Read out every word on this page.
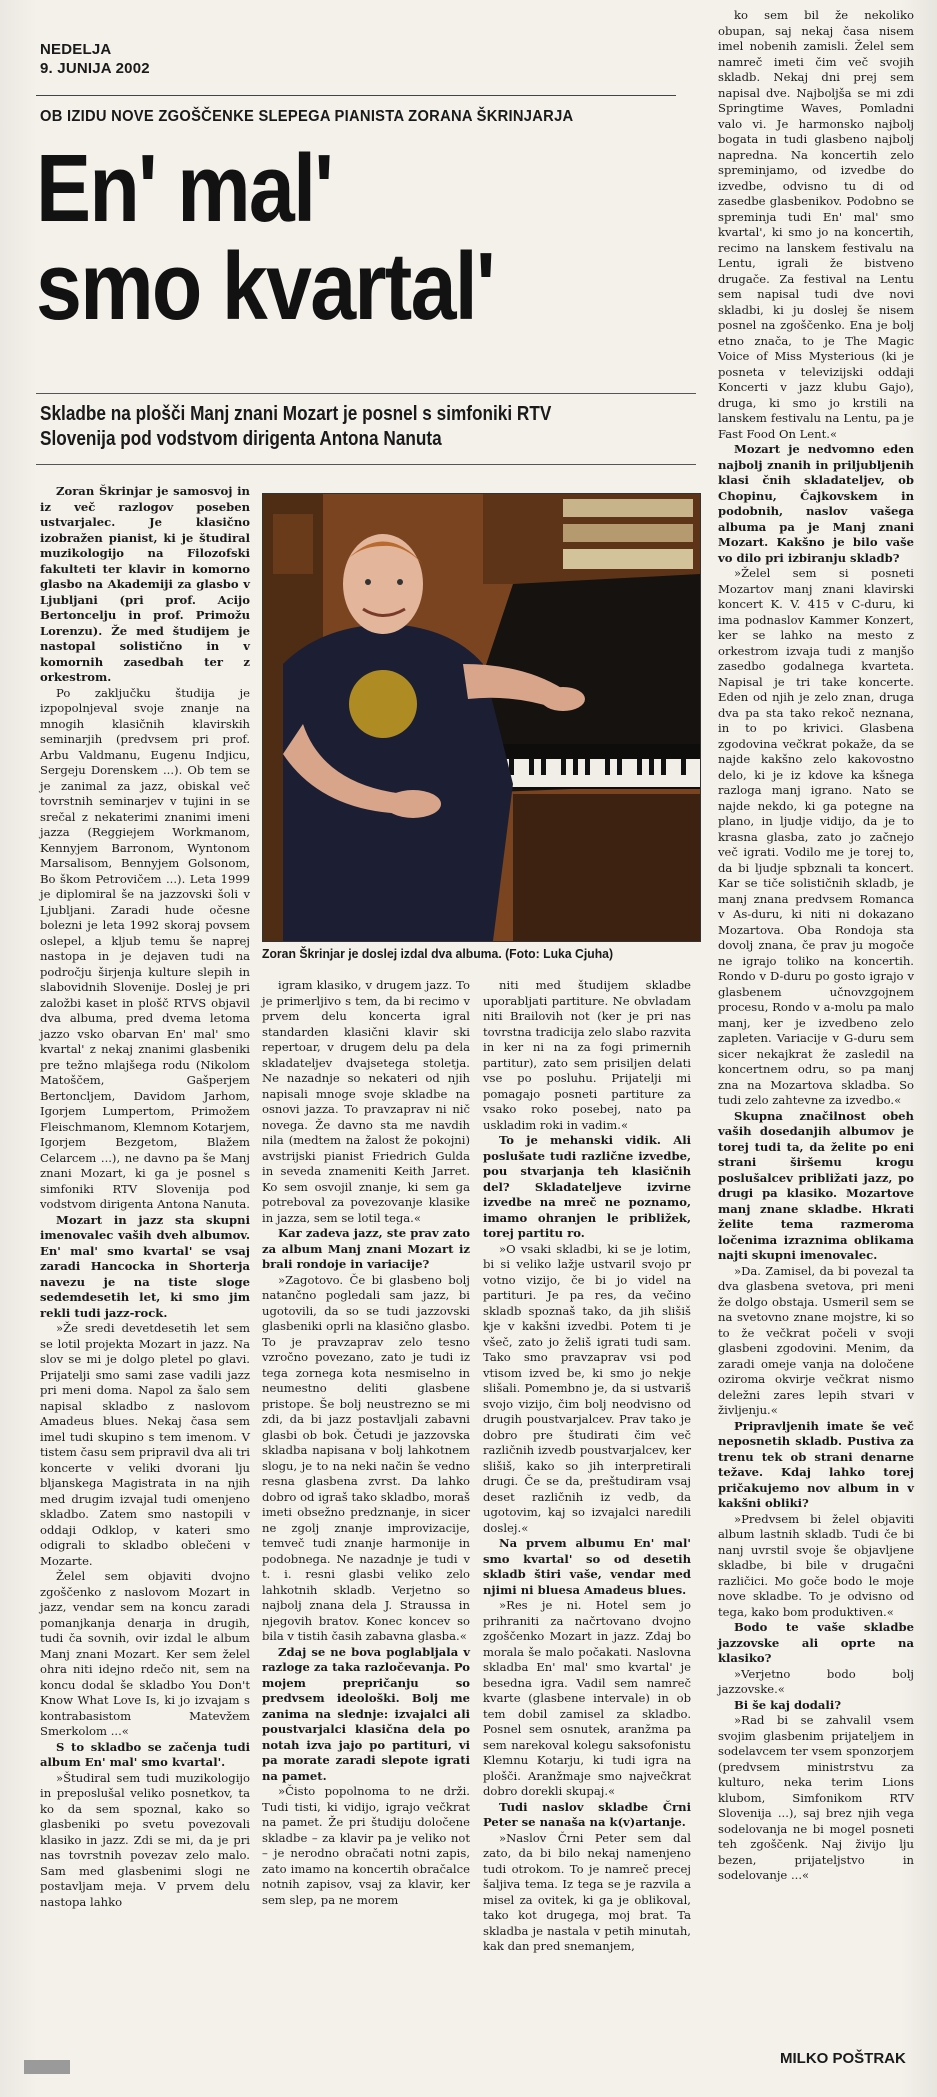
NEDELJA
9. JUNIJA 2002
OB IZIDU NOVE ZGOŠČENKE SLEPEGA PIANISTA ZORANA ŠKRINJARJA
En' mal'
smo kvartal'
Skladbe na plošči Manj znani Mozart je posnel s simfoniki RTV Slovenija pod vodstvom dirigenta Antona Nanuta

Zoran Škrinjar je samosvoj in iz več razlogov poseben ustvarjalec. Je klasično izobražen pianist, ki je študiral muzikologijo na Filozofski fakulteti ter klavir in komorno glasbo na Akademiji za glasbo v Ljubljani (pri prof. Acijo Bertoncelju in prof. Primožu Lorenzu). Že med študijem je nastopal solistično in v komornih zasedbah ter z orkestrom.

Po zaključku študija je izpopolnjeval svoje znanje na mnogih klasičnih klavirskih seminarjih (predvsem pri prof. Arbu Valdmanu, Eugenu Indjicu, Sergeju Dorenskem ...). Ob tem se je zanimal za jazz, obiskal več tovrstnih seminarjev v tujini in se srečal z nekaterimi znanimi imeni jazza (Reggiejem Workmanom, Kennyjem Barronom, Wyntonom Marsalisom, Bennyjem Golsonom, Bo škom Petrovičem ...). Leta 1999 je diplomiral še na jazzovski šoli v Ljubljani. Zaradi hude očesne bolezni je leta 1992 skoraj povsem oslepel, a kljub temu še naprej nastopa in je dejaven tudi na področju širjenja kulture slepih in slabovidnih Slovenije. Doslej je pri založbi kaset in plošč RTVS objavil dva albuma, pred dvema letoma jazzo vsko obarvan En' mal' smo kvartal' z nekaj znanimi glasbeniki pre težno mlajšega rodu (Nikolom Matoščem, Gašperjem Bertoncljem, Davidom Jarhom, Igorjem Lumpertom, Primožem Fleischmanom, Klemnom Kotarjem, Igorjem Bezgetom, Blažem Celarcem ...), ne davno pa še Manj znani Mozart, ki ga je posnel s simfoniki RTV Slovenija pod vodstvom dirigenta Antona Nanuta.

Mozart in jazz sta skupni imenovalec vaših dveh albumov. En' mal' smo kvartal' se vsaj zaradi Hancocka in Shorterja navezu je na tiste sloge sedemdesetih let, ki smo jim rekli tudi jazz-rock.

»Že sredi devetdesetih let sem se lotil projekta Mozart in jazz. Na slov se mi je dolgo pletel po glavi. Prijatelji smo sami zase vadili jazz pri meni doma. Napol za šalo sem napisal skladbo z naslovom Amadeus blues. Nekaj časa sem imel tudi skupino s tem imenom. V tistem času sem pripravil dva ali tri koncerte v veliki dvorani lju bljanskega Magistrata in na njih med drugim izvajal tudi omenjeno skladbo. Zatem smo nastopili v oddaji Odklop, v kateri smo odigrali to skladbo oblečeni v Mozarte.

Želel sem objaviti dvojno zgoščenko z naslovom Mozart in jazz, vendar sem na koncu zaradi pomanjkanja denarja in drugih, tudi ča sovnih, ovir izdal le album Manj znani Mozart. Ker sem želel ohra niti idejno rdečo nit, sem na koncu dodal še skladbo You Don't Know What Love Is, ki jo izvajam s kontrabasistom Matevžem Smerkolom ...«

S to skladbo se začenja tudi album En' mal' smo kvartal'.

»Študiral sem tudi muzikologijo in preposlušal veliko posnetkov, ta ko da sem spoznal, kako so glasbeniki po svetu povezovali klasiko in jazz. Zdi se mi, da je pri nas tovrstnih povezav zelo malo. Sam med glasbenimi slogi ne postavljam meja. V prvem delu nastopa lahko

Zoran Škrinjar je doslej izdal dva albuma. (Foto: Luka Cjuha)

igram klasiko, v drugem jazz. To je primerljivo s tem, da bi recimo v prvem delu koncerta igral standarden klasični klavir ski repertoar, v drugem delu pa dela skladateljev dvajsetega stoletja. Ne nazadnje so nekateri od njih napisali mnoge svoje skladbe na osnovi jazza. To pravzaprav ni nič novega. Že davno sta me navdih nila (medtem na žalost že pokojni) avstrijski pianist Friedrich Gulda in seveda znameniti Keith Jarret. Ko sem osvojil znanje, ki sem ga potreboval za povezovanje klasike in jazza, sem se lotil tega.«

Kar zadeva jazz, ste prav zato za album Manj znani Mozart iz brali rondoje in variacije?

»Zagotovo. Če bi glasbeno bolj natančno pogledali sam jazz, bi ugotovili, da so se tudi jazzovski glasbeniki oprli na klasično glasbo. To je pravzaprav zelo tesno vzročno povezano, zato je tudi iz tega zornega kota nesmiselno in neumestno deliti glasbene pristope. Še bolj neustrezno se mi zdi, da bi jazz postavljali zabavni glasbi ob bok. Četudi je jazzovska skladba napisana v bolj lahkotnem slogu, je to na neki način še vedno resna glasbena zvrst. Da lahko dobro od igraš tako skladbo, moraš imeti obsežno predznanje, in sicer ne zgolj znanje improvizacije, temveč tudi znanje harmonije in podobnega. Ne nazadnje je tudi v t. i. resni glasbi veliko zelo lahkotnih skladb. Verjetno so najbolj znana dela J. Straussa in njegovih bratov. Konec koncev so bila v tistih časih zabavna glasba.«

Zdaj se ne bova poglabljala v razloge za taka razločevanja. Po mojem prepričanju so predvsem ideološki. Bolj me zanima na slednje: izvajalci ali poustvarjalci klasična dela po notah izva jajo po partituri, vi pa morate zaradi slepote igrati na pamet.

»Čisto popolnoma to ne drži. Tudi tisti, ki vidijo, igrajo večkrat na pamet. Že pri študiju določene skladbe – za klavir pa je veliko not – je nerodno obračati notni zapis, zato imamo na koncertih obračalce notnih zapisov, vsaj za klavir, ker sem slep, pa ne morem

niti med študijem skladbe uporabljati partiture. Ne obvladam niti Brailovih not (ker je pri nas tovrstna tradicija zelo slabo razvita in ker ni na za fogi primernih partitur), zato sem prisiljen delati vse po posluhu. Prijatelji mi pomagajo posneti partiture za vsako roko posebej, nato pa uskladim roki in vadim.«

To je mehanski vidik. Ali poslušate tudi različne izvedbe, pou stvarjanja teh klasičnih del? Skladateljeve izvirne izvedbe na mreč ne poznamo, imamo ohranjen le približek, torej partitu ro.

»O vsaki skladbi, ki se je lotim, bi si veliko lažje ustvaril svojo pr votno vizijo, če bi jo videl na partituri. Je pa res, da večino skladb spoznaš tako, da jih slišiš kje v kakšni izvedbi. Potem ti je všeč, zato jo želiš igrati tudi sam. Tako smo pravzaprav vsi pod vtisom izved be, ki smo jo nekje slišali. Pomembno je, da si ustvariš svojo vizijo, čim bolj neodvisno od drugih poustvarjalcev. Prav tako je dobro pre študirati čim več različnih izvedb poustvarjalcev, ker slišiš, kako so jih interpretirali drugi. Če se da, preštudiram vsaj deset različnih iz vedb, da ugotovim, kaj so izvajalci naredili doslej.«

Na prvem albumu En' mal' smo kvartal' so od desetih skladb štiri vaše, vendar med njimi ni bluesa Amadeus blues.

»Res je ni. Hotel sem jo prihraniti za načrtovano dvojno zgoščenko Mozart in jazz. Zdaj bo morala še malo počakati. Naslovna skladba En' mal' smo kvartal' je besedna igra. Vadil sem namreč kvarte (glasbene intervale) in ob tem dobil zamisel za skladbo. Posnel sem osnutek, aranžma pa sem narekoval kolegu saksofonistu Klemnu Kotarju, ki tudi igra na plošči. Aranžmaje smo največkrat dobro dorekli skupaj.«

Tudi naslov skladbe Črni Peter se nanaša na k(v)artanje.

»Naslov Črni Peter sem dal zato, da bi bilo nekaj namenjeno tudi otrokom. To je namreč precej šaljiva tema. Iz tega se je razvila a misel za ovitek, ki ga je oblikoval, tako kot drugega, moj brat. Ta skladba je nastala v petih minutah, kak dan pred snemanjem,

ko sem bil že nekoliko obupan, saj nekaj časa nisem imel nobenih zamisli. Želel sem namreč imeti čim več svojih skladb. Nekaj dni prej sem napisal dve. Najboljša se mi zdi Springtime Waves, Pomladni valo vi. Je harmonsko najbolj bogata in tudi glasbeno najbolj napredna. Na koncertih zelo spreminjamo, od izvedbe do izvedbe, odvisno tu di od zasedbe glasbenikov. Podobno se spreminja tudi En' mal' smo kvartal', ki smo jo na koncertih, recimo na lanskem festivalu na Lentu, igrali že bistveno drugače. Za festival na Lentu sem napisal tudi dve novi skladbi, ki ju doslej še nisem posnel na zgoščenko. Ena je bolj etno znača, to je The Magic Voice of Miss Mysterious (ki je posneta v televizijski oddaji Koncerti v jazz klubu Gajo), druga, ki smo jo krstili na lanskem festivalu na Lentu, pa je Fast Food On Lent.«

Mozart je nedvomno eden najbolj znanih in priljubljenih klasi čnih skladateljev, ob Chopinu, Čajkovskem in podobnih, naslov vašega albuma pa je Manj znani Mozart. Kakšno je bilo vaše vo dilo pri izbiranju skladb?

»Želel sem si posneti Mozartov manj znani klavirski koncert K. V. 415 v C-duru, ki ima podnaslov Kammer Konzert, ker se lahko na mesto z orkestrom izvaja tudi z manjšo zasedbo godalnega kvarteta. Napisal je tri take koncerte. Eden od njih je zelo znan, druga dva pa sta tako rekoč neznana, in to po krivici. Glasbena zgodovina večkrat pokaže, da se najde kakšno zelo kakovostno delo, ki je iz kdove ka kšnega razloga manj igrano. Nato se najde nekdo, ki ga potegne na plano, in ljudje vidijo, da je to krasna glasba, zato jo začnejo več igrati. Vodilo me je torej to, da bi ljudje spbznali ta koncert. Kar se tiče solističnih skladb, je manj znana predvsem Romanca v As-duru, ki niti ni dokazano Mozartova. Oba Rondoja sta dovolj znana, če prav ju mogoče ne igrajo toliko na koncertih. Rondo v D-duru po gosto igrajo v glasbenem učnovzgojnem procesu, Rondo v a-molu pa malo manj, ker je izvedbeno zelo zapleten. Variacije v G-duru sem sicer nekajkrat že zasledil na koncertnem odru, so pa manj zna na Mozartova skladba. So tudi zelo zahtevne za izvedbo.«

Skupna značilnost obeh vaših dosedanjih albumov je torej tudi ta, da želite po eni strani širšemu krogu poslušalcev približati jazz, po drugi pa klasiko. Mozartove manj znane skladbe. Hkrati želite tema razmeroma ločenima izraznima oblikama najti skupni imenovalec.

»Da. Zamisel, da bi povezal ta dva glasbena svetova, pri meni že dolgo obstaja. Usmeril sem se na svetovno znane mojstre, ki so to že večkrat počeli v svoji glasbeni zgodovini. Menim, da zaradi omeje vanja na določene oziroma okvirje večkrat nismo deležni zares lepih stvari v življenju.«

Pripravljenih imate še več neposnetih skladb. Pustiva za trenu tek ob strani denarne težave. Kdaj lahko torej pričakujemo nov album in v kakšni obliki?

»Predvsem bi želel objaviti album lastnih skladb. Tudi če bi nanj uvrstil svoje še objavljene skladbe, bi bile v drugačni različici. Mo goče bodo le moje nove skladbe. To je odvisno od tega, kako bom produktiven.«

Bodo te vaše skladbe jazzovske ali oprte na klasiko?

»Verjetno bodo bolj jazzovske.«

Bi še kaj dodali?

»Rad bi se zahvalil vsem svojim glasbenim prijateljem in sodelavcem ter vsem sponzorjem (predvsem ministrstvu za kulturo, neka terim Lions klubom, Simfonikom RTV Slovenija ...), saj brez njih vega sodelovanja ne bi mogel posneti teh zgoščenk. Naj živijo lju bezen, prijateljstvo in sodelovanje ...«

MILKO POŠTRAK
